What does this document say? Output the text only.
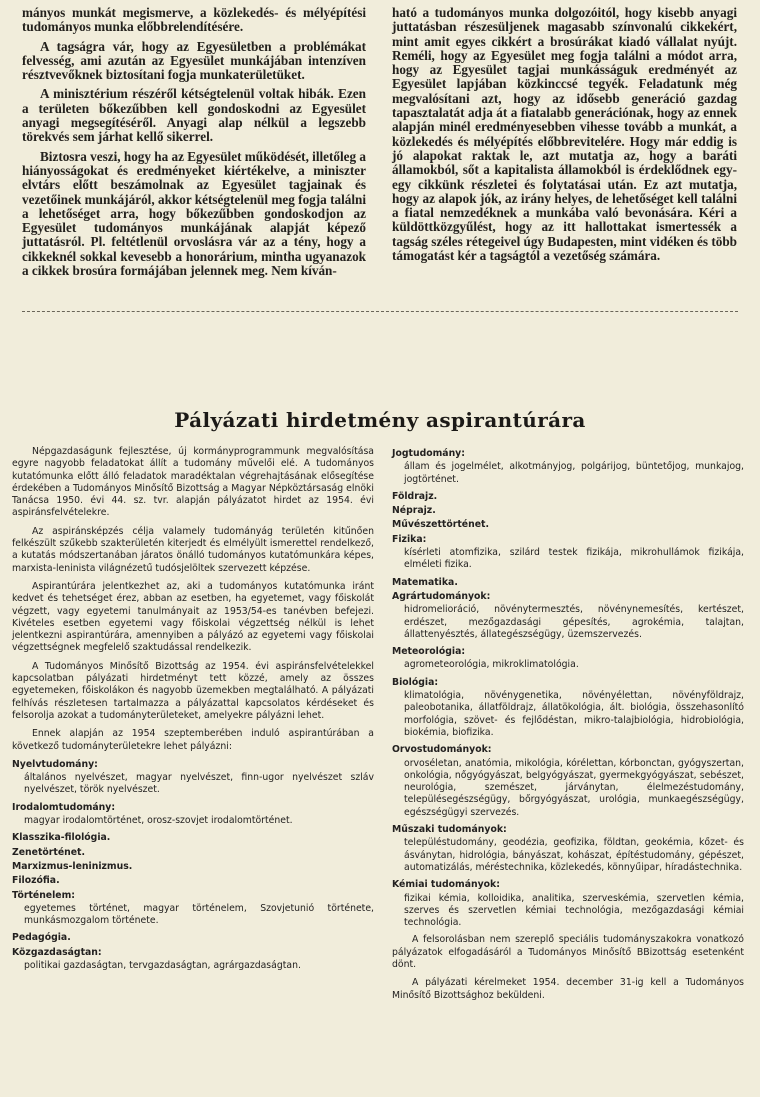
mányos munkát megismerve, a közlekedés- és mélyépítési tudományos munka előbbrelendítésére.

A tagságra vár, hogy az Egyesületben a problémákat felvesség, ami azután az Egyesület munkájában intenzíven résztvevőknek biztosítani fogja munkaterületüket.

A minisztérium részéről kétségtelenül voltak hibák. Ezen a területen bőkezűbben kell gondoskodni az Egyesület anyagi megsegítéséről. Anyagi alap nélkül a legszebb törekvés sem járhat kellő sikerrel.

Biztosra veszi, hogy ha az Egyesület működését, illetőleg a hiányosságokat és eredményeket kiértékelve, a miniszter elvtárs előtt beszámolnak az Egyesület tagjainak és vezetőinek munkájáról, akkor kétségtelenül meg fogja találni a lehetőséget arra, hogy bőkezűbben gondoskodjon az Egyesület tudományos munkájának alapját képező juttatásról. Pl. feltétlenül orvoslásra vár az a tény, hogy a cikkeknél sokkal kevesebb a honorárium, mintha ugyanazok a cikkek brosúra formájában jelennek meg. Nem kíván-

ható a tudományos munka dolgozóitól, hogy kisebb anyagi juttatásban részesüljenek magasabb színvonalú cikkekért, mint amit egyes cikkért a brosúrákat kiadó vállalat nyújt. Reméli, hogy az Egyesület meg fogja találni a módot arra, hogy az Egyesület tagjai munkásságuk eredményét az Egyesület lapjában közkinccsé tegyék. Feladatunk még megvalósítani azt, hogy az idősebb generáció gazdag tapasztalatát adja át a fiatalabb generációnak, hogy az ennek alapján minél eredményesebben vihesse tovább a munkát, a közlekedés és mélyépítés előbbrevitelére. Hogy már eddig is jó alapokat raktak le, azt mutatja az, hogy a baráti államokból, sőt a kapitalista államokból is érdeklődnek egy-egy cikkünk részletei és folytatásai után. Ez azt mutatja, hogy az alapok jók, az irány helyes, de lehetőséget kell találni a fiatal nemzedéknek a munkába való bevonására. Kéri a küldöttközgyűlést, hogy az itt hallottakat ismertessék a tagság széles rétegeivel úgy Budapesten, mint vidéken és több támogatást kér a tagságtól a vezetőség számára.

Pályázati hirdetmény aspirantúrára

Népgazdaságunk fejlesztése, új kormányprogrammunk megvalósítása egyre nagyobb feladatokat állít a tudomány művelői elé. A tudományos kutatómunka előtt álló feladatok maradéktalan végrehajtásának elősegítése érdekében a Tudományos Minősítő Bizottság a Magyar Népköztársaság elnöki Tanácsa 1950. évi 44. sz. tvr. alapján pályázatot hirdet az 1954. évi aspiránsfelvételekre.

Az aspiránsképzés célja valamely tudományág területén kitűnően felkészült szűkebb szakterületén kiterjedt és elmélyült ismerettel rendelkező, a kutatás módszertanában járatos önálló tudományos kutatómunkára képes, marxista-leninista világnézetű tudósjelöltek szervezett képzése.

Aspirantúrára jelentkezhet az, aki a tudományos kutatómunka iránt kedvet és tehetséget érez, abban az esetben, ha egyetemet, vagy főiskolát végzett, vagy egyetemi tanulmányait az 1953/54-es tanévben befejezi. Kivételes esetben egyetemi vagy főiskolai végzettség nélkül is lehet jelentkezni aspirantúrára, amennyiben a pályázó az egyetemi vagy főiskolai végzettségnek megfelelő szaktudással rendelkezik.

A Tudományos Minősítő Bizottság az 1954. évi aspiránsfelvételekkel kapcsolatban pályázati hirdetményt tett közzé, amely az összes egyetemeken, főiskolákon és nagyobb üzemekben megtalálható. A pályázati felhívás részletesen tartalmazza a pályázattal kapcsolatos kérdéseket és felsorolja azokat a tudományterületeket, amelyekre pályázni lehet.

Ennek alapján az 1954 szeptemberében induló aspirantúrában a következő tudományterületekre lehet pályázni:

Nyelvtudomány:
általános nyelvészet, magyar nyelvészet, finn-ugor nyelvészet szláv nyelvészet, török nyelvészet.
Irodalomtudomány:
magyar irodalomtörténet, orosz-szovjet irodalomtörténet.
Klasszika-filológia.
Zenetörténet.
Marxizmus-leninizmus.
Filozófia.
Történelem:
egyetemes történet, magyar történelem, Szovjetunió története, munkásmozgalom története.
Pedagógia.
Közgazdaságtan:
politikai gazdaságtan, tervgazdaságtan, agrárgazdaságtan.
Jogtudomány:
állam és jogelmélet, alkotmányjog, polgárijog, büntetőjog, munkajog, jogtörténet.
Földrajz.
Néprajz.
Művészettörténet.
Fizika:
kísérleti atomfizika, szilárd testek fizikája, mikrohullámok fizikája, elméleti fizika.
Matematika.
Agrártudományok:
hidromelioráció, növénytermesztés, növénynemesítés, kertészet, erdészet, mezőgazdasági gépesítés, agrokémia, talajtan, állattenyésztés, állategészségügy, üzemszervezés.
Meteorológia:
agrometeorológia, mikroklimatológia.
Biológia:
klimatológia, növénygenetika, növényélettan, növényföldrajz, paleobotanika, állatföldrajz, állatökológia, ált. biológia, összehasonlító morfológia, szövet- és fejlődéstan, mikro-talajbiológia, hidrobiológia, biokémia, biofizika.
Orvostudományok:
orvoséletan, anatómia, mikológia, kórélettan, kórbonctan, gyógyszertan, onkológia, nőgyógyászat, belgyógyászat, gyermekgyógyászat, sebészet, neurológia, szemészet, járványtan, élelmezéstudomány, településegészségügy, bőrgyógyászat, urológia, munkaegészségügy, egészségügyi szervezés.
Műszaki tudományok:
településtudomány, geodézia, geofizika, földtan, geokémia, kőzet- és ásványtan, hidrológia, bányászat, kohászat, építéstudomány, gépészet, automatizálás, méréstechnika, közlekedés, könnyűipar, híradástechnika.
Kémiai tudományok:
fizikai kémia, kolloidika, analitika, szerveskémia, szervetlen kémia, szerves és szervetlen kémiai technológia, mezőgazdasági kémiai technológia.

A felsorolásban nem szereplő speciális tudományszakokra vonatkozó pályázatok elfogadásáról a Tudományos Minősítő BBizottság esetenként dönt.

A pályázati kérelmeket 1954. december 31-ig kell a Tudományos Minősítő Bizottsághoz beküldeni.
